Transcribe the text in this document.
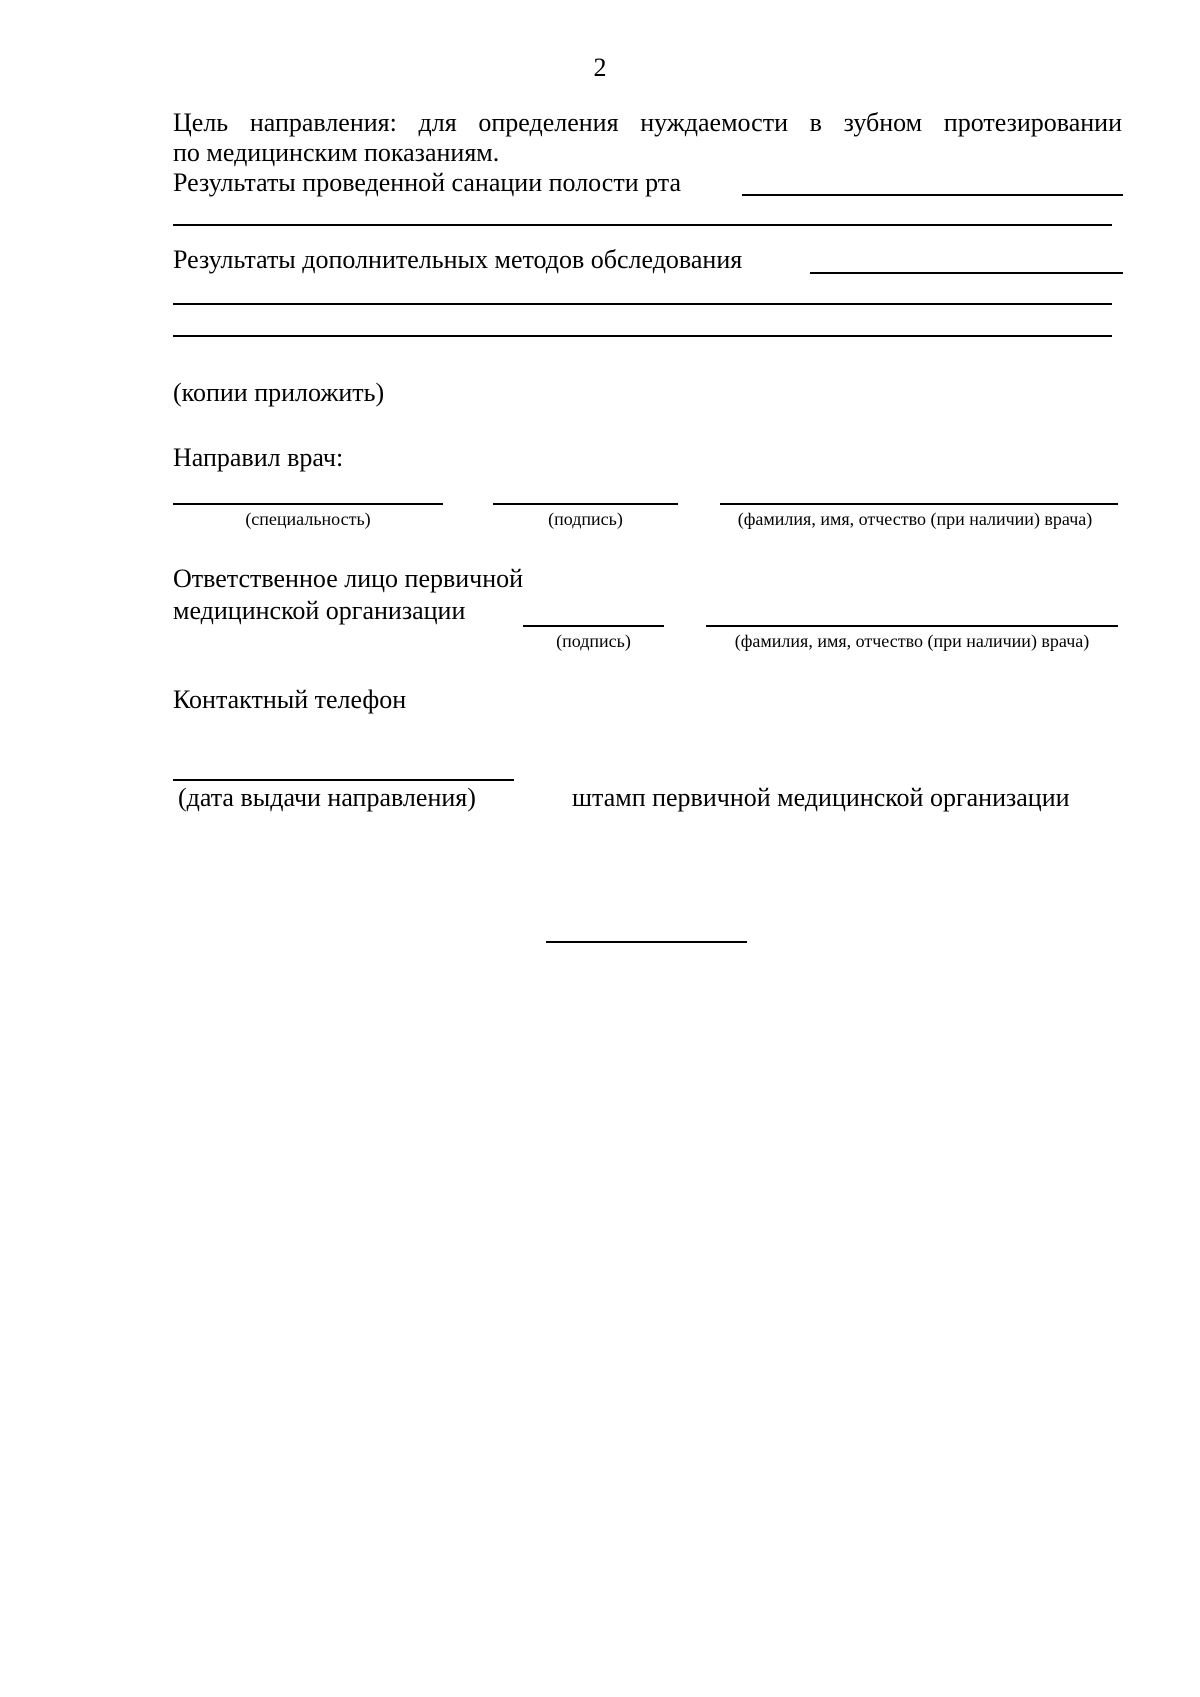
2
Цель направления: для определения нуждаемости в зубном протезировании
по медицинским показаниям.
Результаты проведенной санации полости рта
Результаты дополнительных методов обследования
(копии приложить)
Направил врач:
(специальность)	(подпись)	(фамилия, имя, отчество (при наличии) врача)
Ответственное лицо первичной
медицинской организации
(подпись)	(фамилия, имя, отчество (при наличии) врача)
Контактный телефон
(дата выдачи направления)	штамп первичной медицинской организации
